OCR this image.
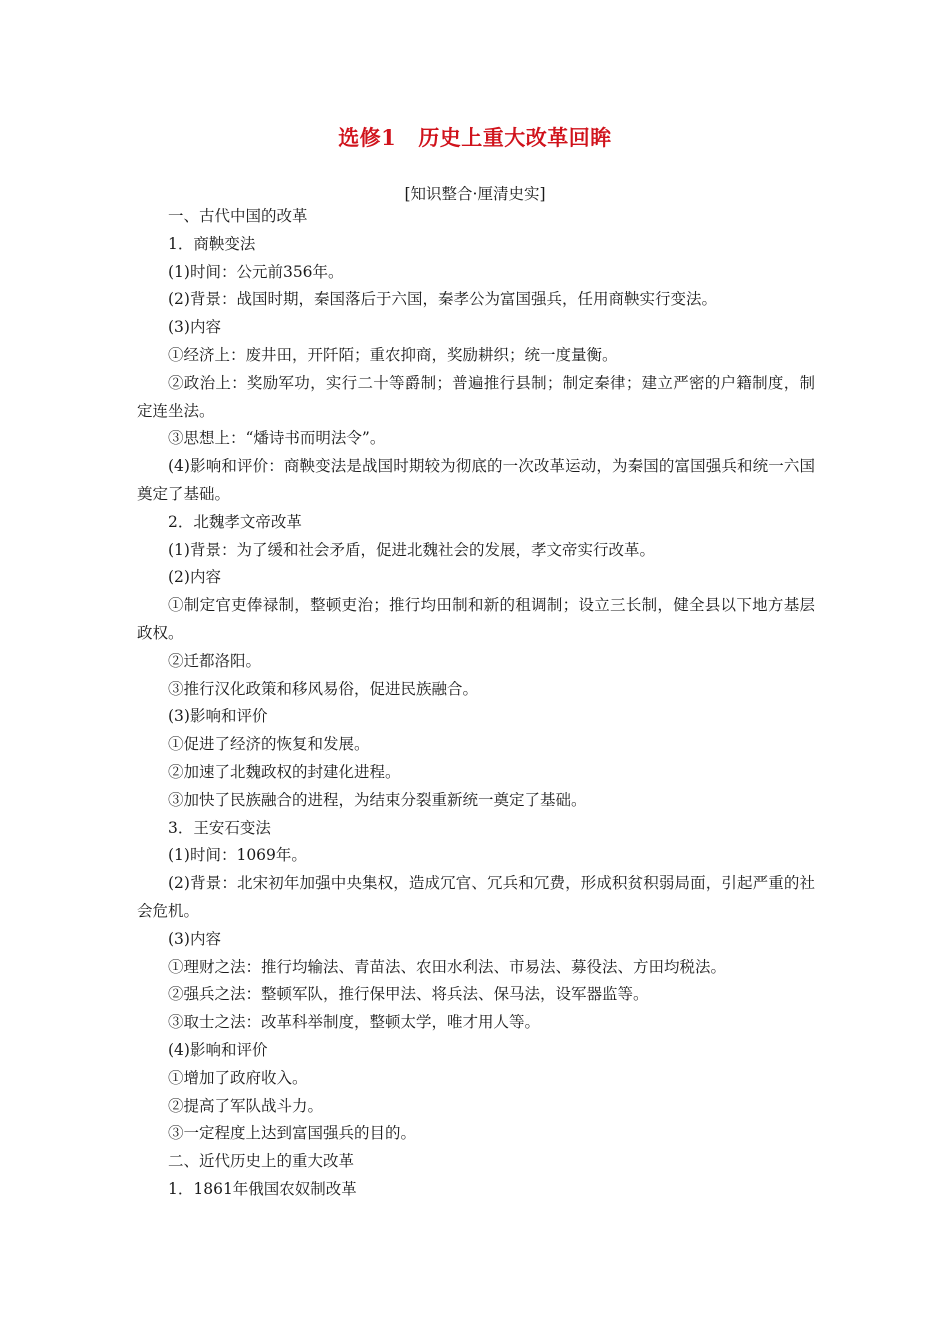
选修1 历史上重大改革回眸
[知识整合·厘清史实]

一、古代中国的改革

1．商鞅变法

(1)时间：公元前356年。

(2)背景：战国时期，秦国落后于六国，秦孝公为富国强兵，任用商鞅实行变法。

(3)内容

①经济上：废井田，开阡陌；重农抑商，奖励耕织；统一度量衡。

②政治上：奖励军功，实行二十等爵制；普遍推行县制；制定秦律；建立严密的户籍制度，制定连坐法。

③思想上：“燔诗书而明法令”。

(4)影响和评价：商鞅变法是战国时期较为彻底的一次改革运动，为秦国的富国强兵和统一六国奠定了基础。

2．北魏孝文帝改革

(1)背景：为了缓和社会矛盾，促进北魏社会的发展，孝文帝实行改革。

(2)内容

①制定官吏俸禄制，整顿吏治；推行均田制和新的租调制；设立三长制，健全县以下地方基层政权。

②迁都洛阳。

③推行汉化政策和移风易俗，促进民族融合。

(3)影响和评价

①促进了经济的恢复和发展。

②加速了北魏政权的封建化进程。

③加快了民族融合的进程，为结束分裂重新统一奠定了基础。

3．王安石变法

(1)时间：1069年。

(2)背景：北宋初年加强中央集权，造成冗官、冗兵和冗费，形成积贫积弱局面，引起严重的社会危机。

(3)内容

①理财之法：推行均输法、青苗法、农田水利法、市易法、募役法、方田均税法。

②强兵之法：整顿军队，推行保甲法、将兵法、保马法，设军器监等。

③取士之法：改革科举制度，整顿太学，唯才用人等。

(4)影响和评价

①增加了政府收入。

②提高了军队战斗力。

③一定程度上达到富国强兵的目的。

二、近代历史上的重大改革

1．1861年俄国农奴制改革
